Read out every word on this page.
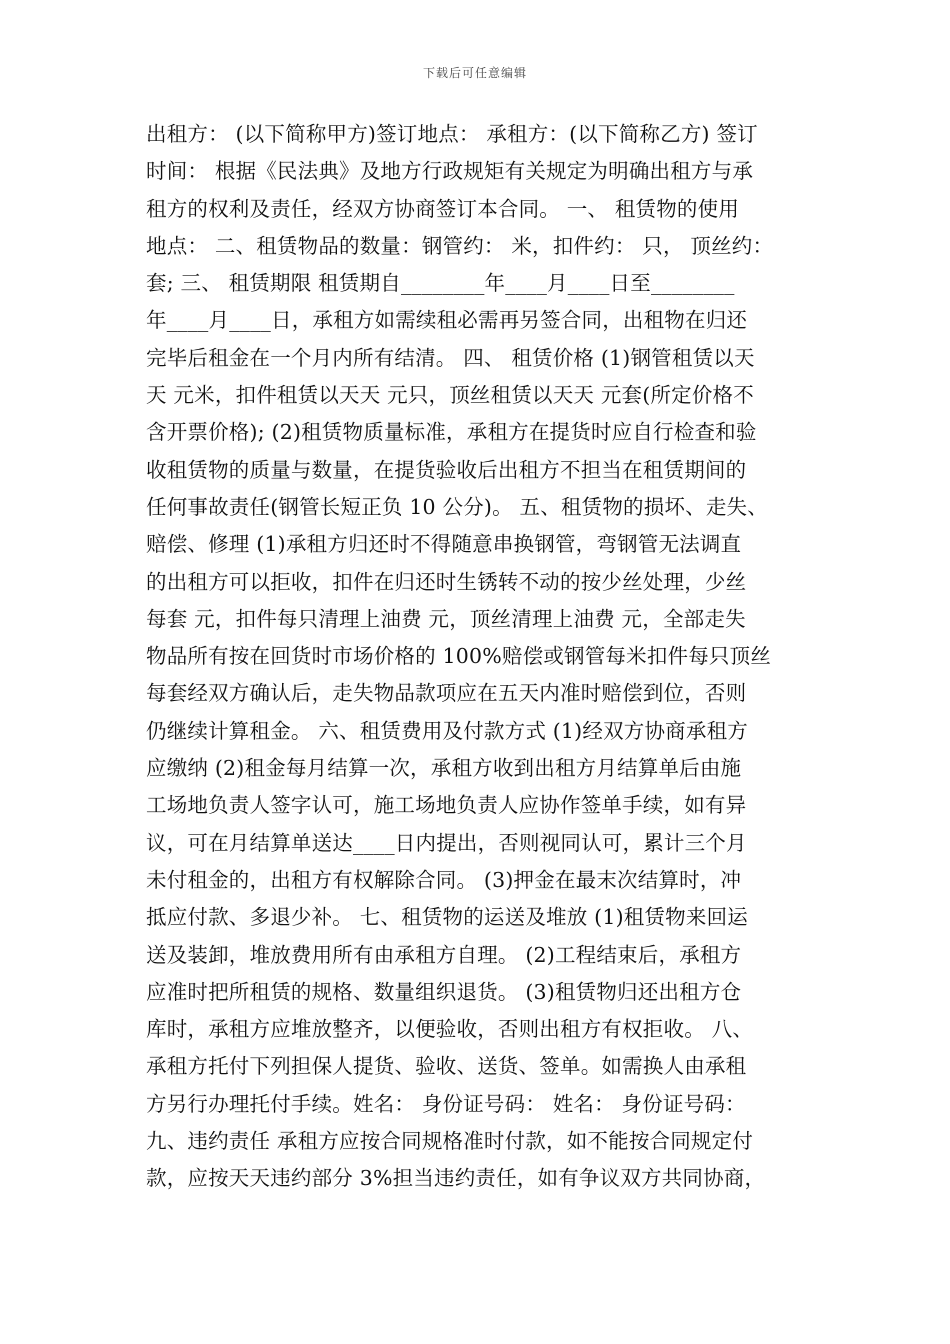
下载后可任意编辑
出租方： (以下简称甲方)签订地点： 承租方：(以下简称乙方) 签订
时间： 根据《民法典》及地方行政规矩有关规定为明确出租方与承
租方的权利及责任，经双方协商签订本合同。 一、 租赁物的使用
地点： 二、租赁物品的数量：钢管约： 米，扣件约： 只， 顶丝约：
套; 三、 租赁期限 租赁期自________年____月____日至________
年____月____日，承租方如需续租必需再另签合同，出租物在归还
完毕后租金在一个月内所有结清。 四、 租赁价格 (1)钢管租赁以天
天 元米，扣件租赁以天天 元只，顶丝租赁以天天 元套(所定价格不
含开票价格); (2)租赁物质量标准，承租方在提货时应自行检查和验
收租赁物的质量与数量，在提货验收后出租方不担当在租赁期间的
任何事故责任(钢管长短正负 10 公分)。 五、租赁物的损坏、走失、
赔偿、修理 (1)承租方归还时不得随意串换钢管，弯钢管无法调直
的出租方可以拒收，扣件在归还时生锈转不动的按少丝处理，少丝
每套 元，扣件每只清理上油费 元，顶丝清理上油费 元，全部走失
物品所有按在回货时市场价格的 100%赔偿或钢管每米扣件每只顶丝
每套经双方确认后，走失物品款项应在五天内准时赔偿到位，否则
仍继续计算租金。 六、租赁费用及付款方式 (1)经双方协商承租方
应缴纳 (2)租金每月结算一次，承租方收到出租方月结算单后由施
工场地负责人签字认可，施工场地负责人应协作签单手续，如有异
议，可在月结算单送达____日内提出，否则视同认可，累计三个月
未付租金的，出租方有权解除合同。 (3)押金在最末次结算时，冲
抵应付款、多退少补。 七、租赁物的运送及堆放 (1)租赁物来回运
送及装卸，堆放费用所有由承租方自理。 (2)工程结束后，承租方
应准时把所租赁的规格、数量组织退货。 (3)租赁物归还出租方仓
库时，承租方应堆放整齐，以便验收，否则出租方有权拒收。 八、
承租方托付下列担保人提货、验收、送货、签单。如需换人由承租
方另行办理托付手续。姓名： 身份证号码： 姓名： 身份证号码：
九、违约责任 承租方应按合同规格准时付款，如不能按合同规定付
款，应按天天违约部分 3%担当违约责任，如有争议双方共同协商，
